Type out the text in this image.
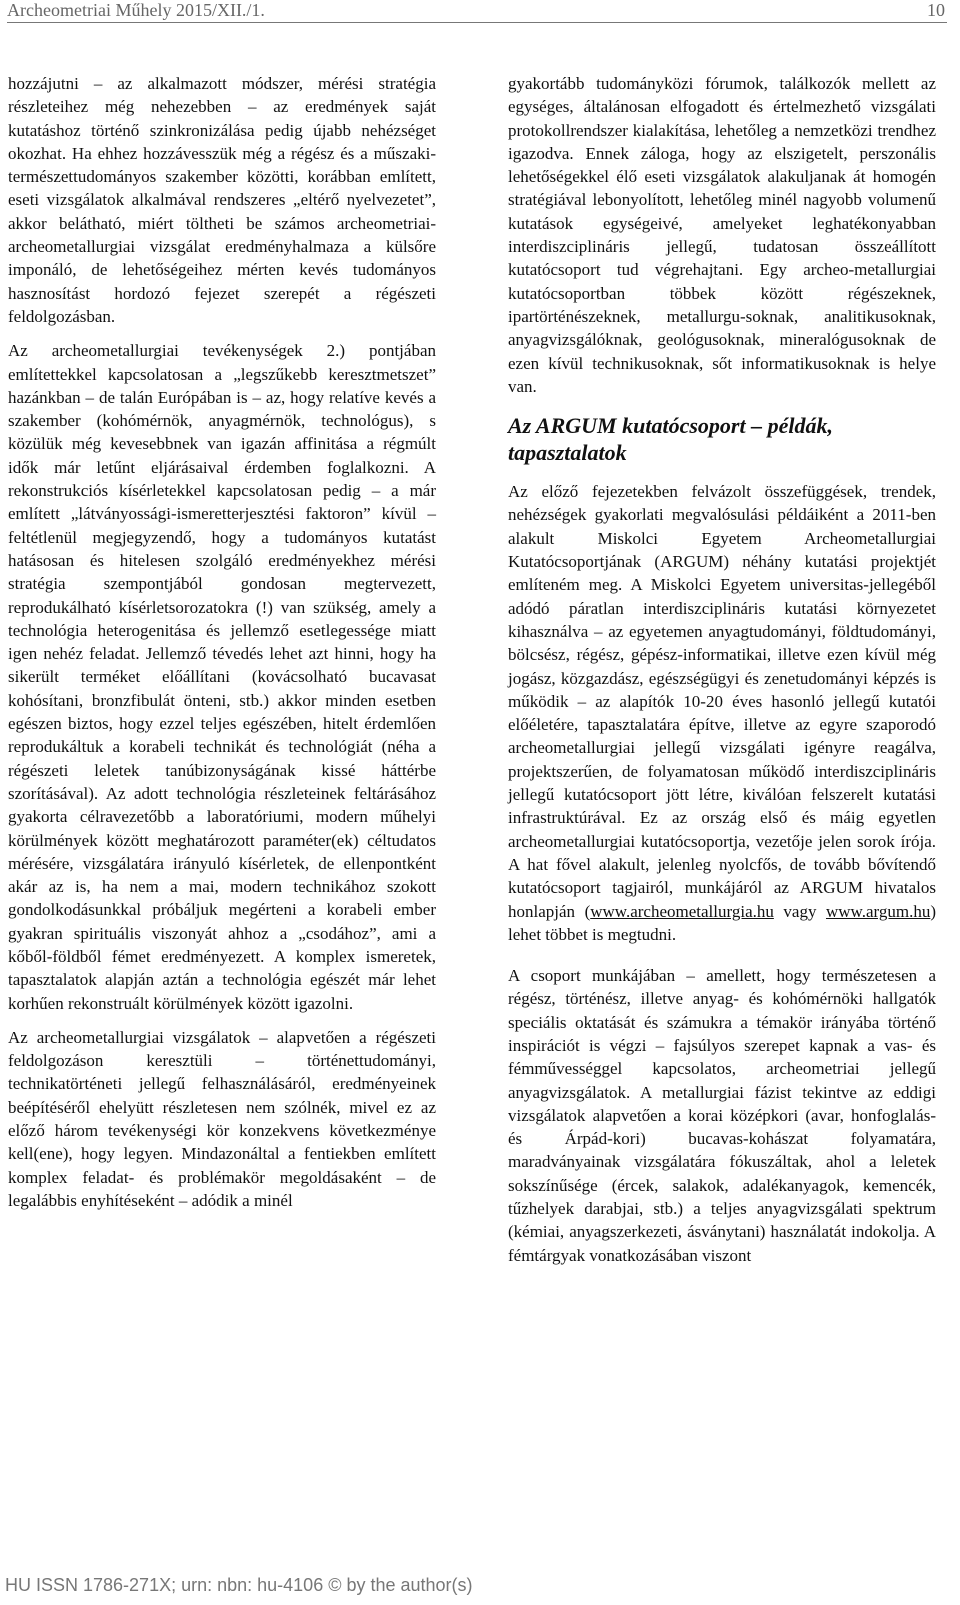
Archeometriai Műhely 2015/XII./1.	10

hozzájutni – az alkalmazott módszer, mérési stratégia részleteihez még nehezebben – az eredmények saját kutatáshoz történő szinkronizálása pedig újabb nehézséget okozhat. Ha ehhez hozzávesszük még a régész és a műszaki-természettudományos szakember közötti, korábban említett, eseti vizsgálatok alkalmával rendszeres „eltérő nyelvezetet”, akkor belátható, miért töltheti be számos archeometriai-archeometallurgiai vizsgálat eredményhalmaza a külsőre imponáló, de lehetőségeihez mérten kevés tudományos hasznosítást hordozó fejezet szerepét a régészeti feldolgozásban.

Az archeometallurgiai tevékenységek 2.) pontjában említettekkel kapcsolatosan a „legszűkebb keresztmetszet” hazánkban – de talán Európában is – az, hogy relatíve kevés a szakember (kohómérnök, anyagmérnök, technológus), s közülük még kevesebbnek van igazán affinitása a régmúlt idők már letűnt eljárásaival érdemben foglalkozni. A rekonstrukciós kísérletekkel kapcsolatosan pedig – a már említett „látványossági-ismeretterjesztési faktoron” kívül – feltétlenül megjegyzendő, hogy a tudományos kutatást hatásosan és hitelesen szolgáló eredményekhez mérési stratégia szempontjából gondosan megtervezett, reprodukálható kísérletsorozatokra (!) van szükség, amely a technológia heterogenitása és jellemző esetlegessége miatt igen nehéz feladat. Jellemző tévedés lehet azt hinni, hogy ha sikerült terméket előállítani (kovácsolható bucavasat kohósítani, bronzfibulát önteni, stb.) akkor minden esetben egészen biztos, hogy ezzel teljes egészében, hitelt érdemlően reprodukáltuk a korabeli technikát és technológiát (néha a régészeti leletek tanúbizonyságának kissé háttérbe szorításával). Az adott technológia részleteinek feltárásához gyakorta célravezetőbb a laboratóriumi, modern műhelyi körülmények között meghatározott paraméter(ek) céltudatos mérésére, vizsgálatára irányuló kísérletek, de ellenpontként akár az is, ha nem a mai, modern technikához szokott gondolkodásunkkal próbáljuk megérteni a korabeli ember gyakran spirituális viszonyát ahhoz a „csodához”, ami a kőből-földből fémet eredményezett. A komplex ismeretek, tapasztalatok alapján aztán a technológia egészét már lehet korhűen rekonstruált körülmények között igazolni.

Az archeometallurgiai vizsgálatok – alapvetően a régészeti feldolgozáson keresztüli – történettudományi, technikatörténeti jellegű felhasználásáról, eredményeinek beépítéséről ehelyütt részletesen nem szólnék, mivel ez az előző három tevékenységi kör konzekvens következménye kell(ene), hogy legyen. Mindazonáltal a fentiekben említett komplex feladat- és problémakör megoldásaként – de legalábbis enyhítéseként – adódik a minél

gyakortább tudományközi fórumok, találkozók mellett az egységes, általánosan elfogadott és értelmezhető vizsgálati protokollrendszer kialakítása, lehetőleg a nemzetközi trendhez igazodva. Ennek záloga, hogy az elszigetelt, perszonális lehetőségekkel élő eseti vizsgálatok alakuljanak át homogén stratégiával lebonyolított, lehetőleg minél nagyobb volumenű kutatások egységeivé, amelyeket leghatékonyabban interdiszciplináris jellegű, tudatosan összeállított kutatócsoport tud végrehajtani. Egy archeo-metallurgiai kutatócsoportban többek között régészeknek, ipartörténészeknek, metallurgu-soknak, analitikusoknak, anyagvizsgálóknak, geológusoknak, mineralógusoknak de ezen kívül technikusoknak, sőt informatikusoknak is helye van.

Az ARGUM kutatócsoport – példák, tapasztalatok

Az előző fejezetekben felvázolt összefüggések, trendek, nehézségek gyakorlati megvalósulási példáiként a 2011-ben alakult Miskolci Egyetem Archeometallurgiai Kutatócsoportjának (ARGUM) néhány kutatási projektjét említeném meg. A Miskolci Egyetem universitas-jellegéből adódó páratlan interdiszciplináris kutatási környezetet kihasználva – az egyetemen anyagtudományi, földtudományi, bölcsész, régész, gépész-informatikai, illetve ezen kívül még jogász, közgazdász, egészségügyi és zenetudományi képzés is működik – az alapítók 10-20 éves hasonló jellegű kutatói előéletére, tapasztalatára építve, illetve az egyre szaporodó archeometallurgiai jellegű vizsgálati igényre reagálva, projektszerűen, de folyamatosan működő interdiszciplináris jellegű kutatócsoport jött létre, kiválóan felszerelt kutatási infrastruktúrával. Ez az ország első és máig egyetlen archeometallurgiai kutatócsoportja, vezetője jelen sorok írója. A hat fővel alakult, jelenleg nyolcfős, de tovább bővítendő kutatócsoport tagjairól, munkájáról az ARGUM hivatalos honlapján (www.archeometallurgia.hu vagy www.argum.hu) lehet többet is megtudni.

A csoport munkájában – amellett, hogy természetesen a régész, történész, illetve anyag- és kohómérnöki hallgatók speciális oktatását és számukra a témakör irányába történő inspirációt is végzi – fajsúlyos szerepet kapnak a vas- és fémművességgel kapcsolatos, archeometriai jellegű anyagvizsgálatok. A metallurgiai fázist tekintve az eddigi vizsgálatok alapvetően a korai középkori (avar, honfoglalás- és Árpád-kori) bucavas-kohászat folyamatára, maradványainak vizsgálatára fókuszáltak, ahol a leletek sokszínűsége (ércek, salakok, adalékanyagok, kemencék, tűzhelyek darabjai, stb.) a teljes anyagvizsgálati spektrum (kémiai, anyagszerkezeti, ásványtani) használatát indokolja. A fémtárgyak vonatkozásában viszont

HU ISSN 1786-271X; urn: nbn: hu-4106 © by the author(s)
